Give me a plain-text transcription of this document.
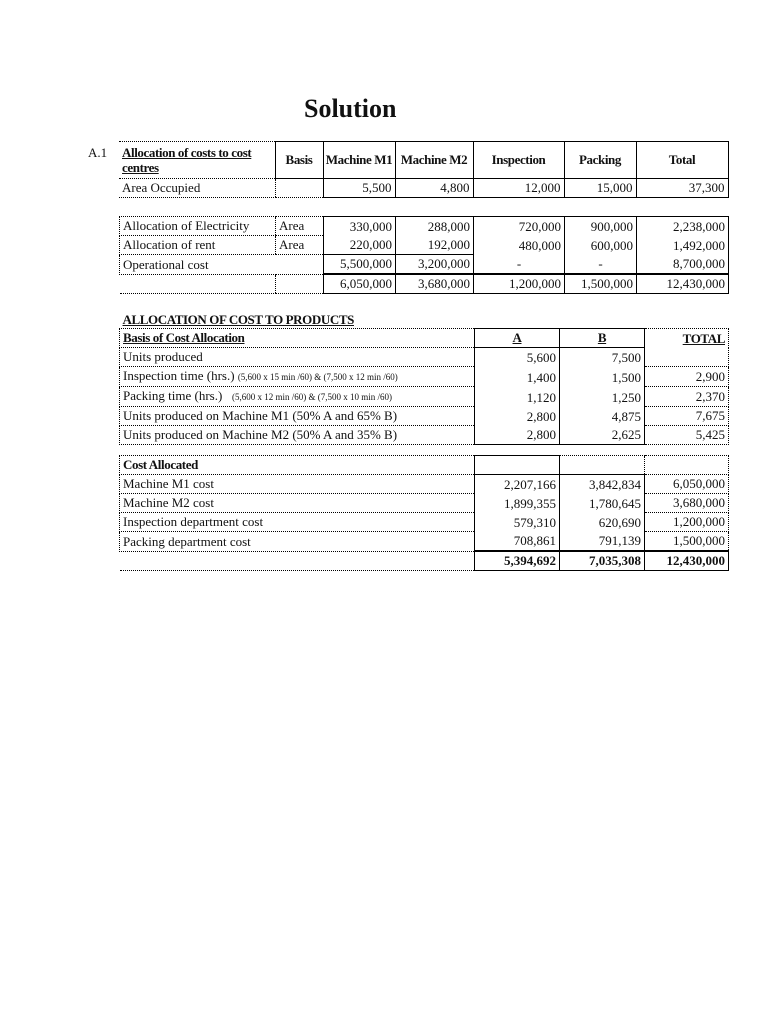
Solution
A.1 Allocation of costs to cost centres	Basis	Machine M1	Machine M2	Inspection	Packing	Total
Area Occupied		5,500	4,800	12,000	15,000	37,300
Allocation of Electricity	Area	330,000	288,000	720,000	900,000	2,238,000
Allocation of rent	Area	220,000	192,000	480,000	600,000	1,492,000
Operational cost		5,500,000	3,200,000	-	-	8,700,000
		6,050,000	3,680,000	1,200,000	1,500,000	12,430,000
ALLOCATION OF COST TO PRODUCTS			
Basis of Cost Allocation	A	B	TOTAL
Units produced	5,600	7,500	
Inspection time (hrs.) (5,600 x 15 min /60) & (7,500 x 12 min /60)	1,400	1,500	2,900
Packing time (hrs.) (5,600 x 12 min /60) & (7,500 x 10 min /60)	1,120	1,250	2,370
Units produced on Machine M1 (50% A and 65% B)	2,800	4,875	7,675
Units produced on Machine M2 (50% A and 35% B)	2,800	2,625	5,425
Cost Allocated			
Machine M1 cost	2,207,166	3,842,834	6,050,000
Machine M2 cost	1,899,355	1,780,645	3,680,000
Inspection department cost	579,310	620,690	1,200,000
Packing department cost	708,861	791,139	1,500,000
	5,394,692	7,035,308	12,430,000
